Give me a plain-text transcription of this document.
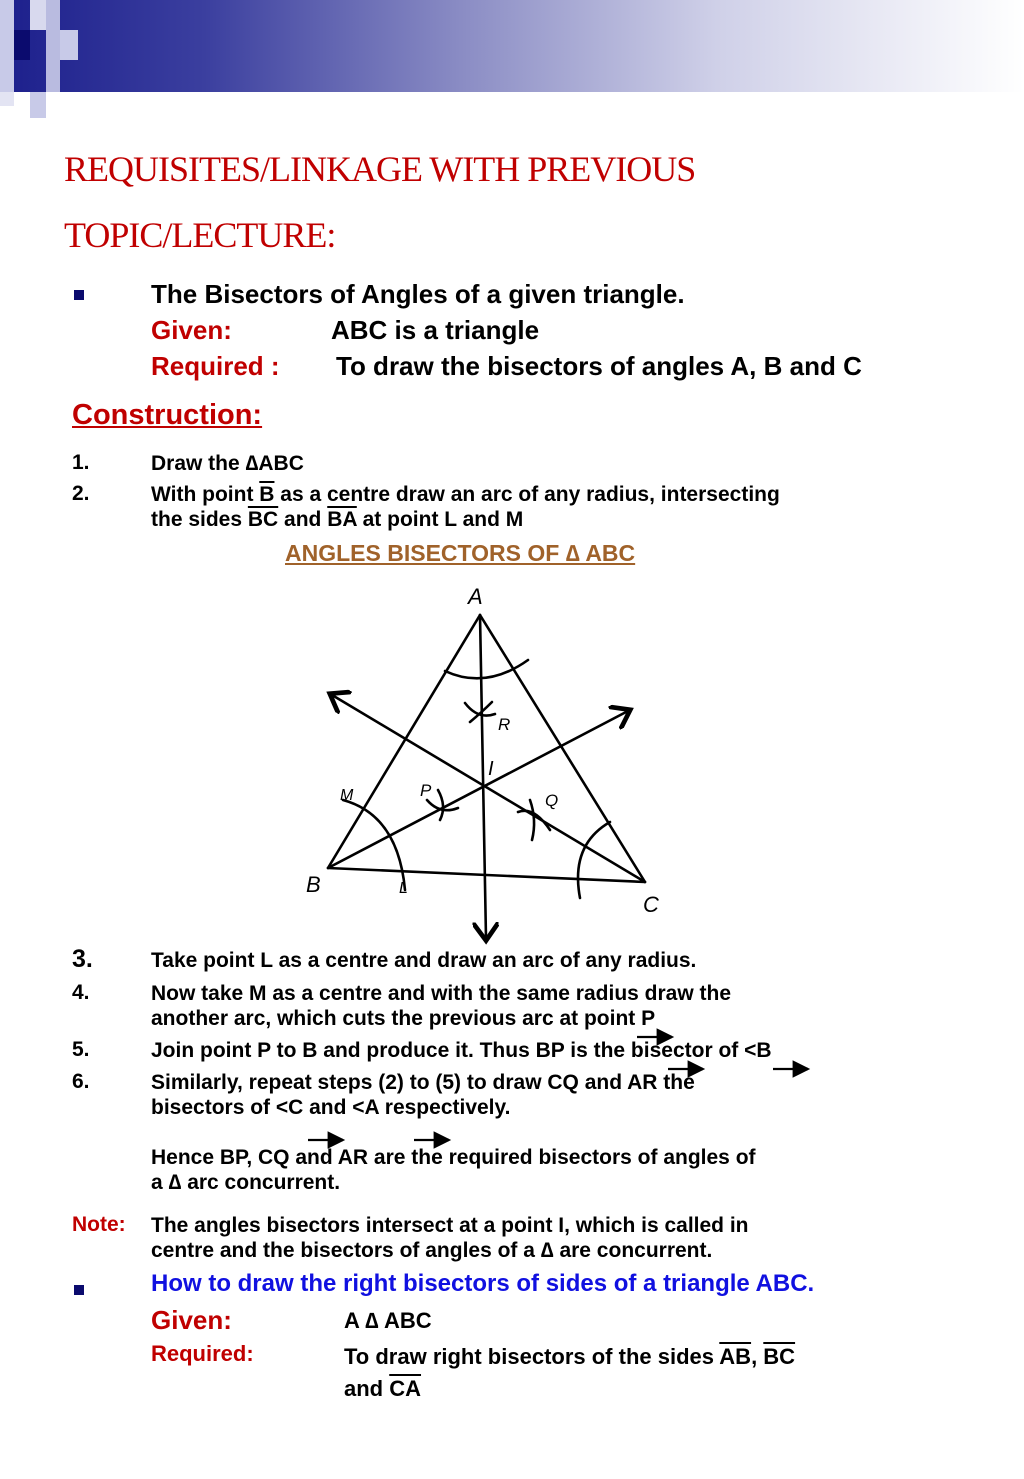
REQUISITES/LINKAGE WITH PREVIOUS
TOPIC/LECTURE:
The Bisectors of Angles of a given triangle.
Given:	ABC is a triangle
Required : To draw the bisectors of angles A, B and C
Construction:
1.	Draw the ∆ABC
2.	With point $\overline{B}$ as a centre draw an arc of any radius, intersecting
the sides $\overline{BC}$ and $\overline{BA}$ at point L and M
ANGLES BISECTORS OF ∆ ABC
A
B
C
I
P
Q
R
M
L
3.	Take point L as a centre and draw an arc of any radius.
4.	Now take M as a centre and with the same radius draw the
another arc, which cuts the previous arc at point P
5.	Join point P to B and produce it. Thus BP is the bisector of <B
6.	Similarly, repeat steps (2) to (5) to draw CQ and AR the
bisectors of <C and <A respectively.
Hence BP, CQ and AR are the required bisectors of angles of
a ∆ arc concurrent.
Note: The angles bisectors intersect at a point I, which is called in
centre and the bisectors of angles of a ∆ are concurrent.
How to draw the right bisectors of sides of a triangle ABC.
Given:	A ∆ ABC
Required:	To draw right bisectors of the sides $\overline{AB}$, $\overline{BC}$
and $\overline{CA}$
